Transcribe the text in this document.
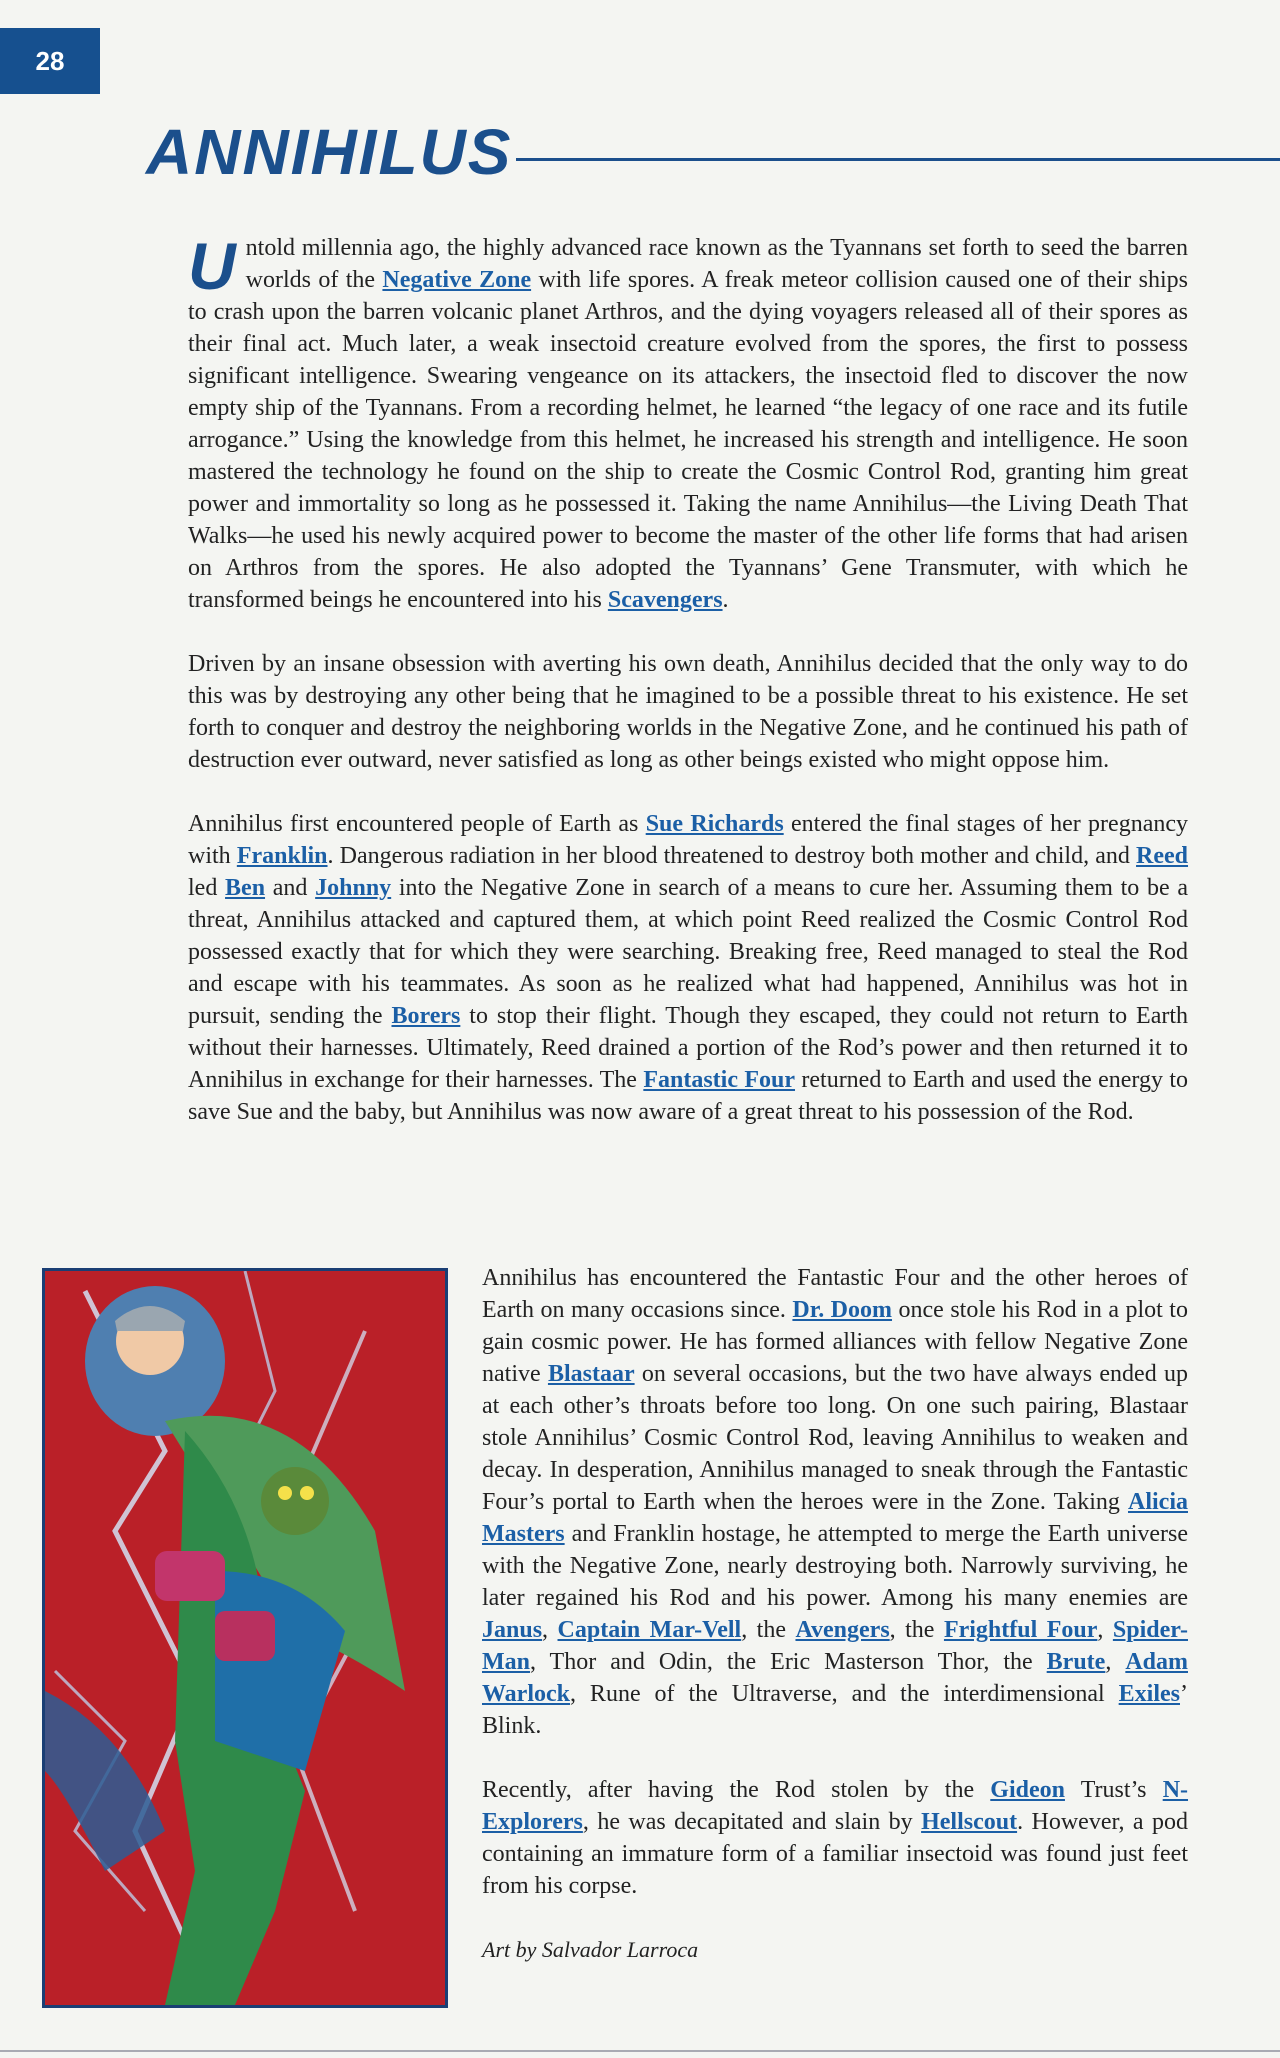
28
ANNIHILUS

Untold millennia ago, the highly advanced race known as the Tyannans set forth to seed the barren worlds of the Negative Zone with life spores. A freak meteor collision caused one of their ships to crash upon the barren volcanic planet Arthros, and the dying voyagers released all of their spores as their final act. Much later, a weak insectoid creature evolved from the spores, the first to possess significant intelligence. Swearing vengeance on its attackers, the insectoid fled to discover the now empty ship of the Tyannans. From a recording helmet, he learned “the legacy of one race and its futile arrogance.” Using the knowledge from this helmet, he increased his strength and intelligence. He soon mastered the technology he found on the ship to create the Cosmic Control Rod, granting him great power and immortality so long as he possessed it. Taking the name Annihilus—the Living Death That Walks—he used his newly acquired power to become the master of the other life forms that had arisen on Arthros from the spores. He also adopted the Tyannans’ Gene Transmuter, with which he transformed beings he encountered into his Scavengers.

Driven by an insane obsession with averting his own death, Annihilus decided that the only way to do this was by destroying any other being that he imagined to be a possible threat to his existence. He set forth to conquer and destroy the neighboring worlds in the Negative Zone, and he continued his path of destruction ever outward, never satisfied as long as other beings existed who might oppose him.

Annihilus first encountered people of Earth as Sue Richards entered the final stages of her pregnancy with Franklin. Dangerous radiation in her blood threatened to destroy both mother and child, and Reed led Ben and Johnny into the Negative Zone in search of a means to cure her. Assuming them to be a threat, Annihilus attacked and captured them, at which point Reed realized the Cosmic Control Rod possessed exactly that for which they were searching. Breaking free, Reed managed to steal the Rod and escape with his teammates. As soon as he realized what had happened, Annihilus was hot in pursuit, sending the Borers to stop their flight. Though they escaped, they could not return to Earth without their harnesses. Ultimately, Reed drained a portion of the Rod’s power and then returned it to Annihilus in exchange for their harnesses. The Fantastic Four returned to Earth and used the energy to save Sue and the baby, but Annihilus was now aware of a great threat to his possession of the Rod.

Annihilus has encountered the Fantastic Four and the other heroes of Earth on many occasions since. Dr. Doom once stole his Rod in a plot to gain cosmic power. He has formed alliances with fellow Negative Zone native Blastaar on several occasions, but the two have always ended up at each other’s throats before too long. On one such pairing, Blastaar stole Annihilus’ Cosmic Control Rod, leaving Annihilus to weaken and decay. In desperation, Annihilus managed to sneak through the Fantastic Four’s portal to Earth when the heroes were in the Zone. Taking Alicia Masters and Franklin hostage, he attempted to merge the Earth universe with the Negative Zone, nearly destroying both. Narrowly surviving, he later regained his Rod and his power. Among his many enemies are Janus, Captain Mar-Vell, the Avengers, the Frightful Four, Spider-Man, Thor and Odin, the Eric Masterson Thor, the Brute, Adam Warlock, Rune of the Ultraverse, and the interdimensional Exiles’ Blink.

Recently, after having the Rod stolen by the Gideon Trust’s N-Explorers, he was decapitated and slain by Hellscout. However, a pod containing an immature form of a familiar insectoid was found just feet from his corpse.

Art by Salvador Larroca
